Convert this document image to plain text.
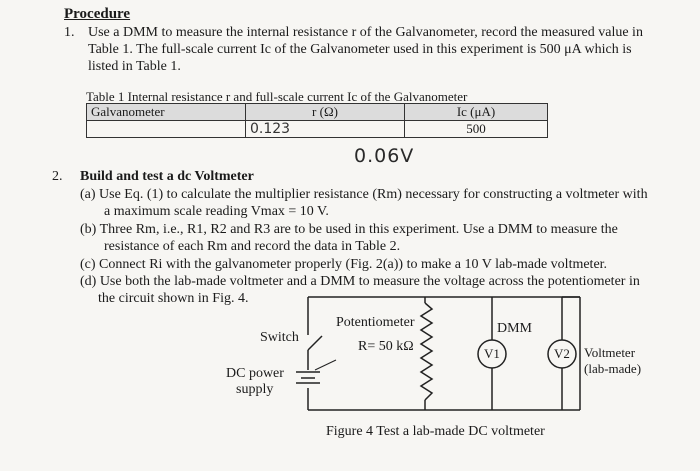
Procedure
1. Use a DMM to measure the internal resistance r of the Galvanometer, record the measured value in
Table 1. The full-scale current Ic of the Galvanometer used in this experiment is 500 μA which is
listed in Table 1.
Table 1 Internal resistance r and full-scale current Ic of the Galvanometer
Galvanometer	r (Ω)	Ic (μA)
	0.123	500
0.06V
2. Build and test a dc Voltmeter
(a) Use Eq. (1) to calculate the multiplier resistance (Rm) necessary for constructing a voltmeter with
a maximum scale reading Vmax = 10 V.
(b) Three Rm, i.e., R1, R2 and R3 are to be used in this experiment. Use a DMM to measure the
resistance of each Rm and record the data in Table 2.
(c) Connect Ri with the galvanometer properly (Fig. 2(a)) to make a 10 V lab-made voltmeter.
(d) Use both the lab-made voltmeter and a DMM to measure the voltage across the potentiometer in
the circuit shown in Fig. 4.
Switch
Potentiometer
R= 50 kΩ
DMM
V1	V2
DC power
supply
Voltmeter
(lab-made)
Figure 4 Test a lab-made DC voltmeter
